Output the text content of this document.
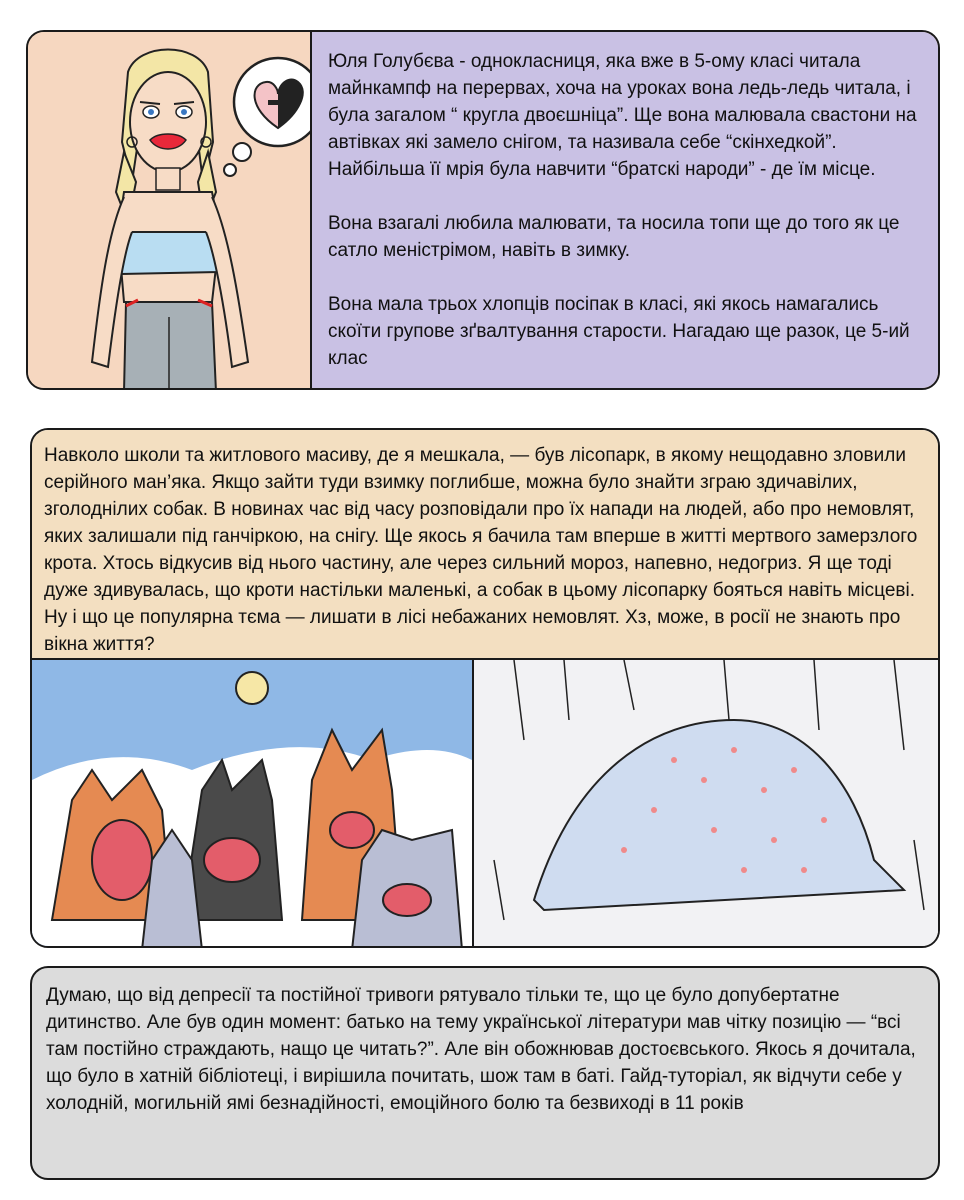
Юля Голубєва - однокласниця, яка вже в 5-ому класі читала майнкампф на перервах, хоча на уроках вона ледь-ледь читала, і була загалом “ кругла двоєшніца”. Ще вона малювала свастони на автівках які замело снігом, та називала себе “скінхедкой”. Найбільша її мрія була навчити “братскі народи” - де їм місце.

Вона взагалі любила малювати, та носила топи ще до того як це сатло меністрімом, навіть в зимку.

Вона мала трьох хлопців посіпак в класі, які якось намагались скоїти групове зґвалтування старости. Нагадаю ще разок, це 5-ий клас
Навколо школи та житлового масиву, де я мешкала, — був лісопарк, в якому нещодавно зловили серійного ман’яка. Якщо зайти туди взимку поглибше, можна було знайти зграю здичавілих, зголоднілих собак. В новинах час від часу розповідали про їх напади на людей, або про немовлят, яких залишали під ганчіркою, на снігу. Ще якось я бачила там вперше в житті мертвого замерзлого крота. Хтось відкусив від нього частину, але через сильний мороз, напевно, недогриз. Я ще тоді дуже здивувалась, що кроти настільки маленькі, а собак в цьому лісопарку бояться навіть місцеві. Ну і що це популярна тєма — лишати в лісі небажаних немовлят. Хз, може, в росії не знають про вікна життя?
Думаю, що від депресії та постійної тривоги рятувало тільки те, що це було допубертатне дитинство. Але був один момент: батько на тему української літератури мав чітку позицію — “всі там постійно страждають, нащо це читать?”. Але він обожнював достоєвського. Якось я дочитала, що було в хатній бібліотеці, і вирішила почитать, шож там в баті. Гайд-туторіал, як відчути себе у холодній, могильній ямі безнадійності, емоційного болю та безвиході в 11 років
